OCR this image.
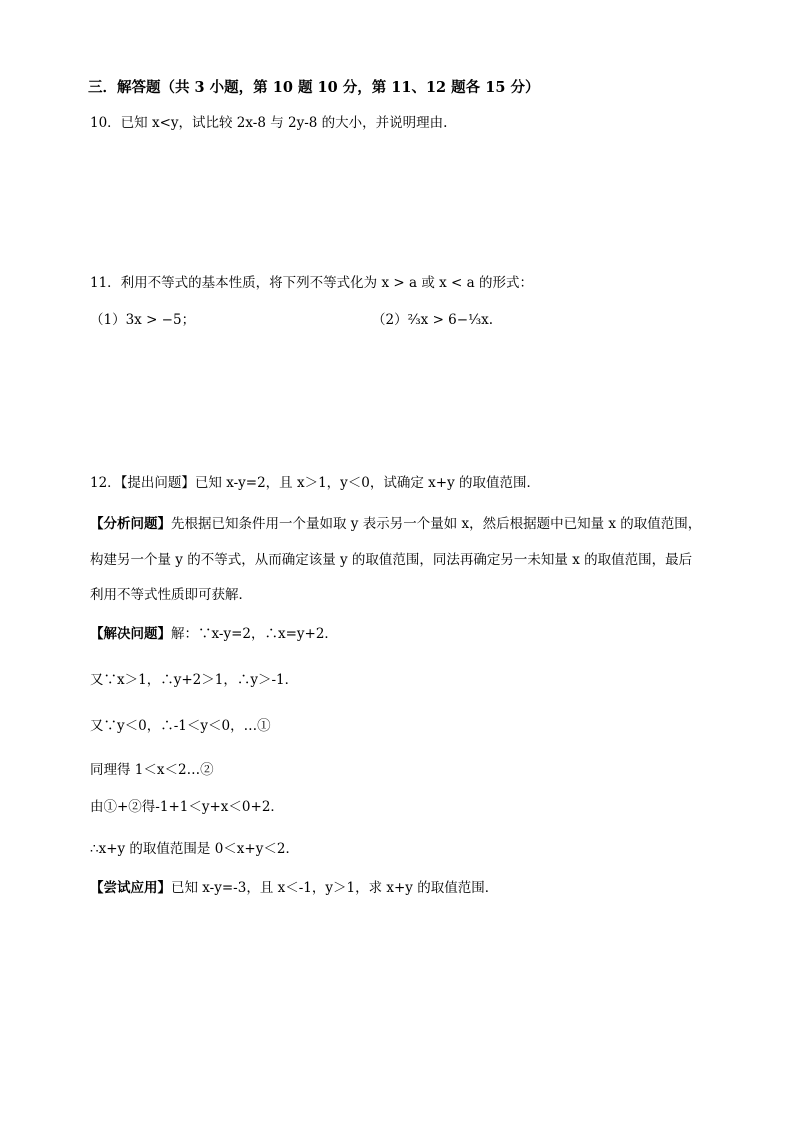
三．解答题（共 3 小题，第 10 题 10 分，第 11、12 题各 15 分）
10．已知 x<y，试比较 2x-8 与 2y-8 的大小，并说明理由.
11．利用不等式的基本性质，将下列不等式化为 x > a 或 x < a 的形式：
（1）3x > −5；	（2）²⁄₃x > 6−¹⁄₃x.
12．【提出问题】已知 x-y=2，且 x＞1，y＜0，试确定 x+y 的取值范围．
【分析问题】先根据已知条件用一个量如取 y 表示另一个量如 x，然后根据题中已知量 x 的取值范围，
构建另一个量 y 的不等式，从而确定该量 y 的取值范围，同法再确定另一未知量 x 的取值范围，最后
利用不等式性质即可获解．
【解决问题】解：∵x-y=2，∴x=y+2．
又∵x＞1，∴y+2＞1，∴y＞-1．
又∵y＜0，∴-1＜y＜0，…①
同理得 1＜x＜2…②
由①+②得-1+1＜y+x＜0+2．
∴x+y 的取值范围是 0＜x+y＜2．
【尝试应用】已知 x-y=-3，且 x＜-1，y＞1，求 x+y 的取值范围．
